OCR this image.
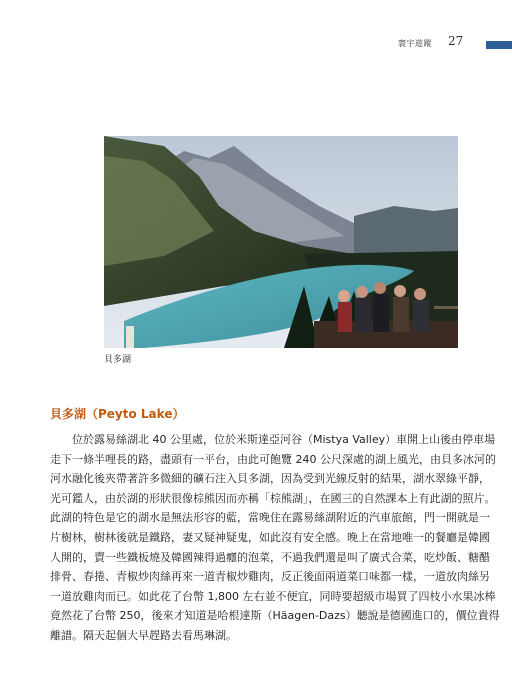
寰宇遊蹤 27
貝多湖
貝多湖（Peyto Lake）

位於露易絲湖北 40 公里處，位於米斯達亞河谷（Mistya Valley）車開上山後由停車場
走下一條半哩長的路，盡頭有一平台，由此可飽覽 240 公尺深處的湖上風光，由貝多冰河的
河水融化後夾帶著許多微細的礦石注入貝多湖，因為受到光線反射的結果，湖水翠綠平靜，
光可鑑人，由於湖的形狀很像棕熊因而亦稱「棕熊湖」，在國三的自然課本上有此湖的照片。
此湖的特色是它的湖水是無法形容的藍，當晚住在露易絲湖附近的汽車旅館，門一開就是一
片樹林，樹林後就是鐵路，妻又疑神疑鬼，如此沒有安全感。晚上在當地唯一的餐廳是韓國
人開的，賣一些鐵板燒及韓國辣得過癮的泡菜，不過我們還是叫了廣式合菜，吃炒飯、糖醋
排骨、春捲、青椒炒肉絲再來一道青椒炒雞肉，反正後面兩道菜口味都一樣，一道放肉絲另
一道放雞肉而已。如此花了台幣 1,800 左右並不便宜，同時要超級市場買了四枝小水果冰棒
竟然花了台幣 250，後來才知道是哈根達斯（Häagen-Dazs）聽說是德國進口的，價位貴得
離譜。隔天起個大早趕路去看馬琳湖。
